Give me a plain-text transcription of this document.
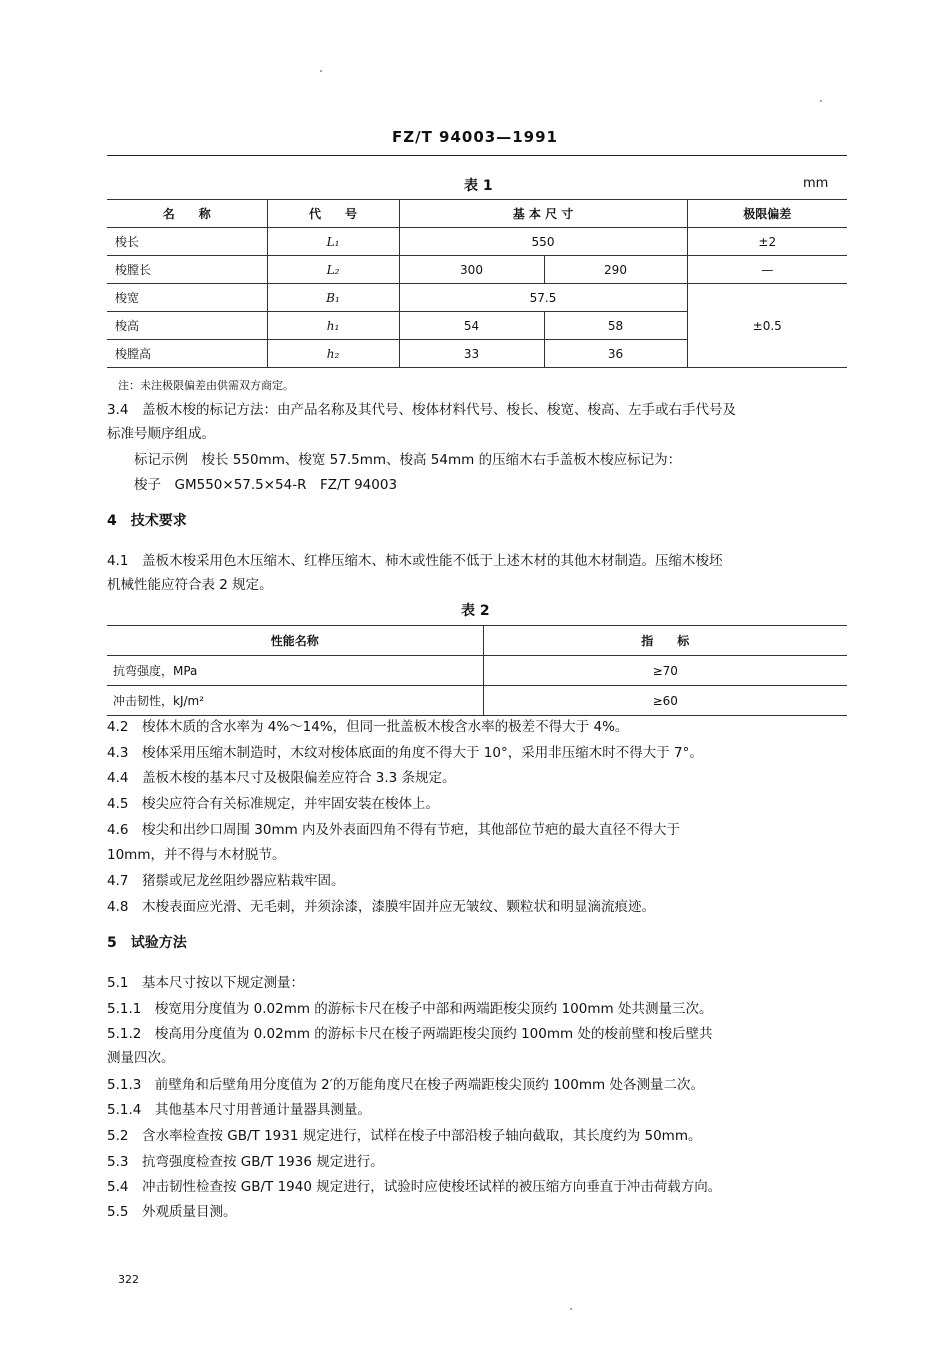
FZ/T 94003—1991
表 1	mm
名　　称	代　　号	基 本 尺 寸		极限偏差
梭长	L₁	550		±2
梭膛长	L₂	300	290	—
梭宽	B₁	57.5		±0.5
梭高	h₁	54	58	
梭膛高	h₂	33	36	
注：未注极限偏差由供需双方商定。
3.4　盖板木梭的标记方法：由产品名称及其代号、梭体材料代号、梭长、梭宽、梭高、左手或右手代号及
标准号顺序组成。
　　标记示例　梭长 550mm、梭宽 57.5mm、梭高 54mm 的压缩木右手盖板木梭应标记为：
　　梭子　GM550×57.5×54-R　FZ/T 94003
4　技术要求
4.1　盖板木梭采用色木压缩木、红桦压缩木、柿木或性能不低于上述木材的其他木材制造。压缩木梭坯
机械性能应符合表 2 规定。
表 2
性能名称	指　　标
抗弯强度，MPa	≥70
冲击韧性，kJ/m²	≥60
4.2　梭体木质的含水率为 4%～14%，但同一批盖板木梭含水率的极差不得大于 4%。
4.3　梭体采用压缩木制造时，木纹对梭体底面的角度不得大于 10°，采用非压缩木时不得大于 7°。
4.4　盖板木梭的基本尺寸及极限偏差应符合 3.3 条规定。
4.5　梭尖应符合有关标准规定，并牢固安装在梭体上。
4.6　梭尖和出纱口周围 30mm 内及外表面四角不得有节疤，其他部位节疤的最大直径不得大于
10mm，并不得与木材脱节。
4.7　猪鬃或尼龙丝阻纱器应粘栽牢固。
4.8　木梭表面应光滑、无毛刺，并须涂漆，漆膜牢固并应无皱纹、颗粒状和明显滴流痕迹。
5　试验方法
5.1　基本尺寸按以下规定测量：
5.1.1　梭宽用分度值为 0.02mm 的游标卡尺在梭子中部和两端距梭尖顶约 100mm 处共测量三次。
5.1.2　梭高用分度值为 0.02mm 的游标卡尺在梭子两端距梭尖顶约 100mm 处的梭前壁和梭后壁共
测量四次。
5.1.3　前壁角和后壁角用分度值为 2′的万能角度尺在梭子两端距梭尖顶约 100mm 处各测量二次。
5.1.4　其他基本尺寸用普通计量器具测量。
5.2　含水率检查按 GB/T 1931 规定进行，试样在梭子中部沿梭子轴向截取，其长度约为 50mm。
5.3　抗弯强度检查按 GB/T 1936 规定进行。
5.4　冲击韧性检查按 GB/T 1940 规定进行，试验时应使梭坯试样的被压缩方向垂直于冲击荷载方向。
5.5　外观质量目测。
322
